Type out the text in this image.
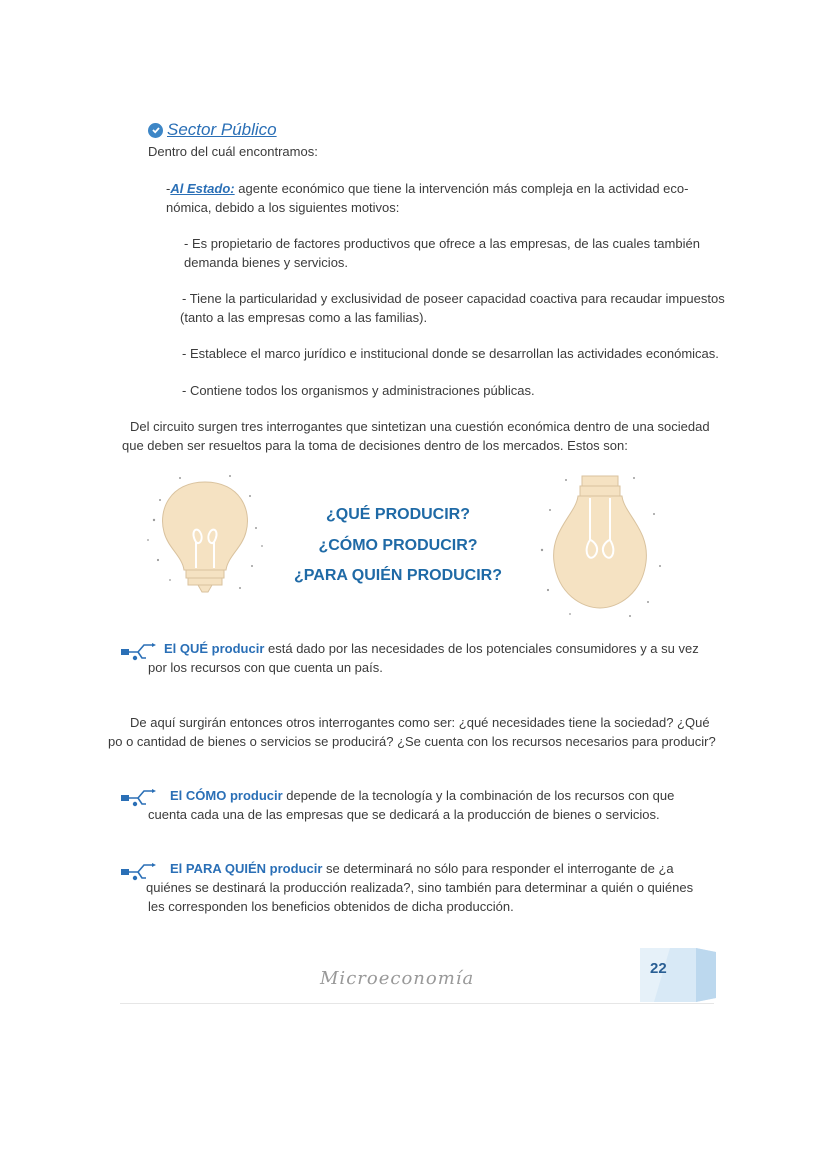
Sector Público
Dentro del cuál encontramos:
-Al Estado: agente económico que tiene la intervención más compleja en la actividad eco-
nómica, debido a los siguientes motivos:
- Es propietario de factores productivos que ofrece a las empresas, de las cuales también
demanda bienes y servicios.
- Tiene la particularidad y exclusividad de poseer capacidad coactiva para recaudar impuestos
(tanto a las empresas como a las familias).
- Establece el marco jurídico e institucional donde se desarrollan las actividades económicas.
- Contiene todos los organismos y administraciones públicas.
Del circuito surgen tres interrogantes que sintetizan una cuestión económica dentro de una sociedad
que deben ser resueltos para la toma de decisiones dentro de los mercados. Estos son:
¿QUÉ PRODUCIR?
¿CÓMO PRODUCIR?
¿PARA QUIÉN PRODUCIR?
El QUÉ producir está dado por las necesidades de los potenciales consumidores y a su vez
por los recursos con que cuenta un país.
De aquí surgirán entonces otros interrogantes como ser: ¿qué necesidades tiene la sociedad? ¿Qué
po o cantidad de bienes o servicios se producirá? ¿Se cuenta con los recursos necesarios para producir?
El CÓMO producir depende de la tecnología y la combinación de los recursos con que
cuenta cada una de las empresas que se dedicará a la producción de bienes o servicios.
El PARA QUIÉN producir se determinará no sólo para responder el interrogante de ¿a
quiénes se destinará la producción realizada?, sino también para determinar a quién o quiénes
les corresponden los beneficios obtenidos de dicha producción.
Microeconomía	22
